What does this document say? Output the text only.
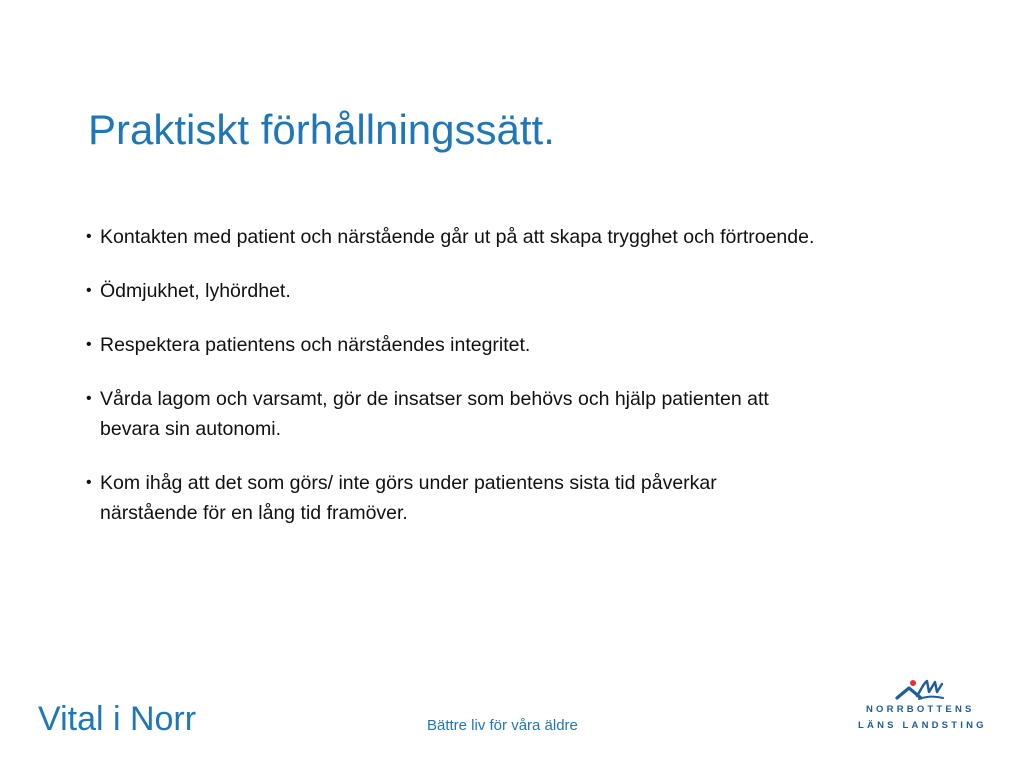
Praktiskt förhållningssätt.
• Kontakten med patient och närstående går ut på att skapa trygghet och förtroende.
• Ödmjukhet, lyhördhet.
• Respektera patientens och närståendes integritet.
• Vårda lagom och varsamt, gör de insatser som behövs och hjälp patienten att
bevara sin autonomi.
• Kom ihåg att det som görs/ inte görs under patientens sista tid påverkar
närstående för en lång tid framöver.
Vital i Norr	Bättre liv för våra äldre
NORRBOTTENS
LÄNS LANDSTING
